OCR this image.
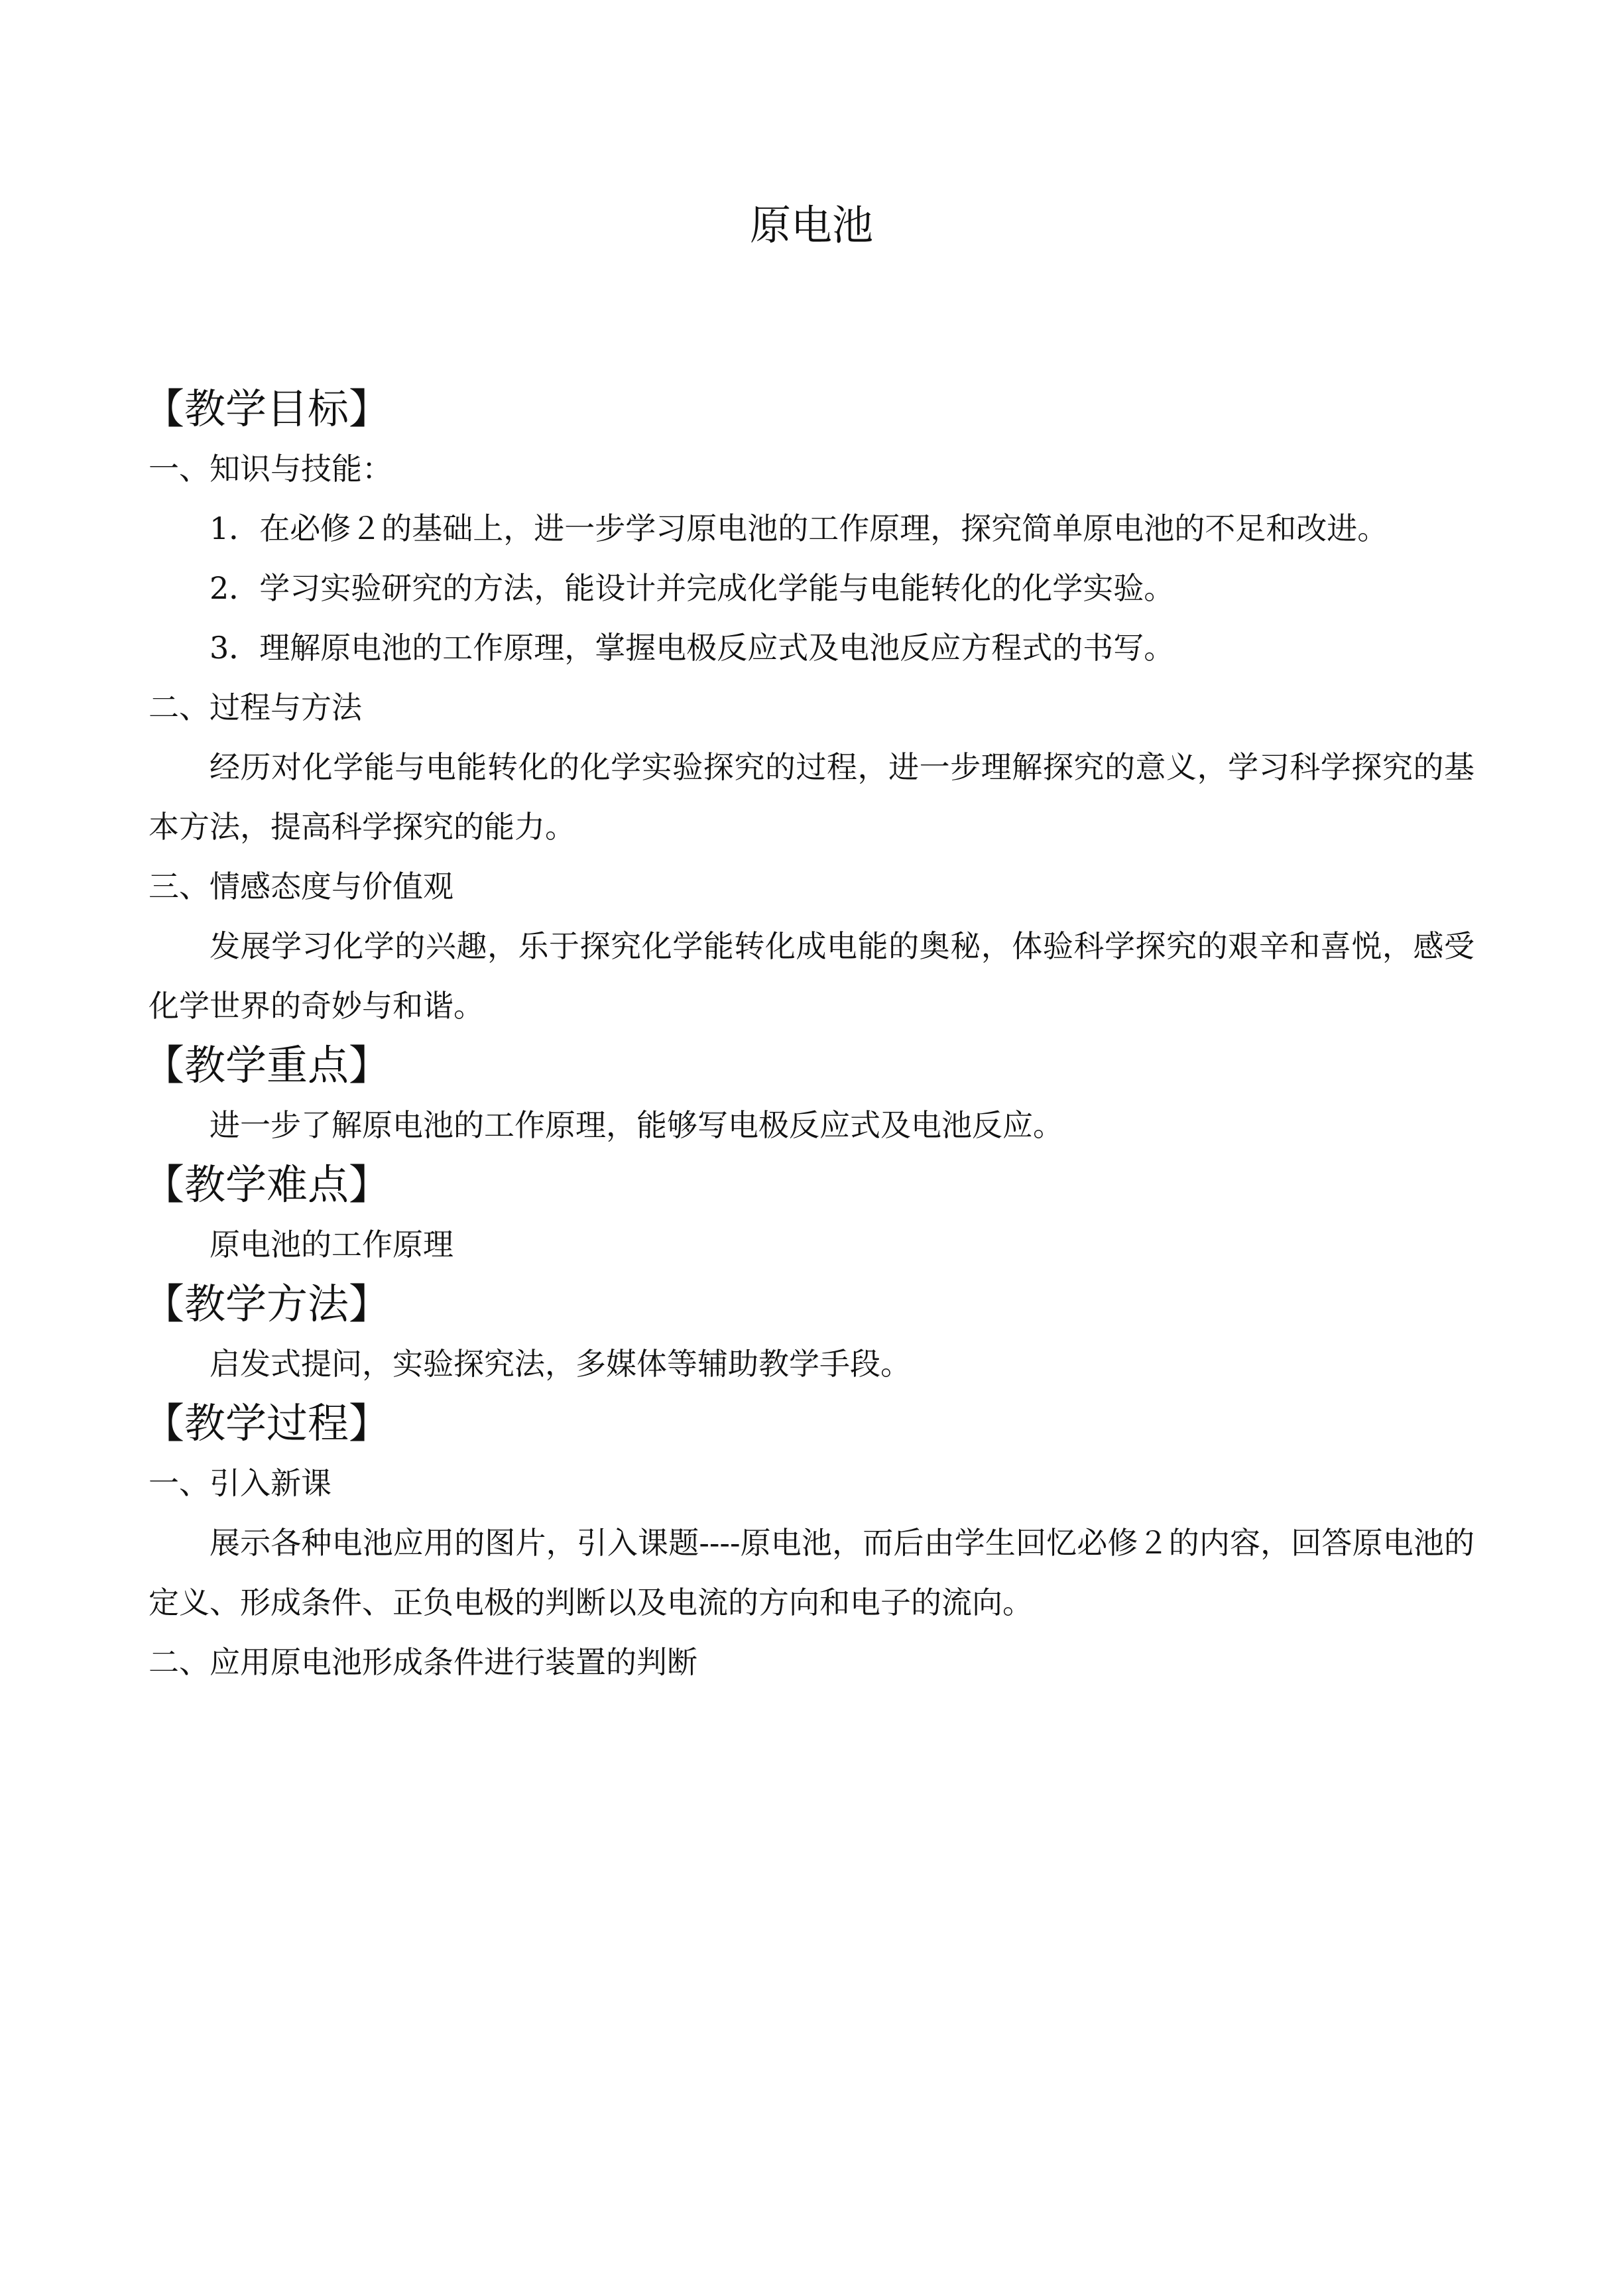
原电池
【教学目标】

一、知识与技能：

1．在必修２的基础上，进一步学习原电池的工作原理，探究简单原电池的不足和改进。

2．学习实验研究的方法，能设计并完成化学能与电能转化的化学实验。

3．理解原电池的工作原理，掌握电极反应式及电池反应方程式的书写。

二、过程与方法

经历对化学能与电能转化的化学实验探究的过程，进一步理解探究的意义，学习科学探究的基本方法，提高科学探究的能力。

三、情感态度与价值观

发展学习化学的兴趣，乐于探究化学能转化成电能的奥秘，体验科学探究的艰辛和喜悦，感受化学世界的奇妙与和谐。

【教学重点】

进一步了解原电池的工作原理，能够写电极反应式及电池反应。

【教学难点】

原电池的工作原理

【教学方法】

启发式提问，实验探究法，多媒体等辅助教学手段。

【教学过程】

一、引入新课

展示各种电池应用的图片，引入课题----原电池，而后由学生回忆必修２的内容，回答原电池的定义、形成条件、正负电极的判断以及电流的方向和电子的流向。

二、应用原电池形成条件进行装置的判断
